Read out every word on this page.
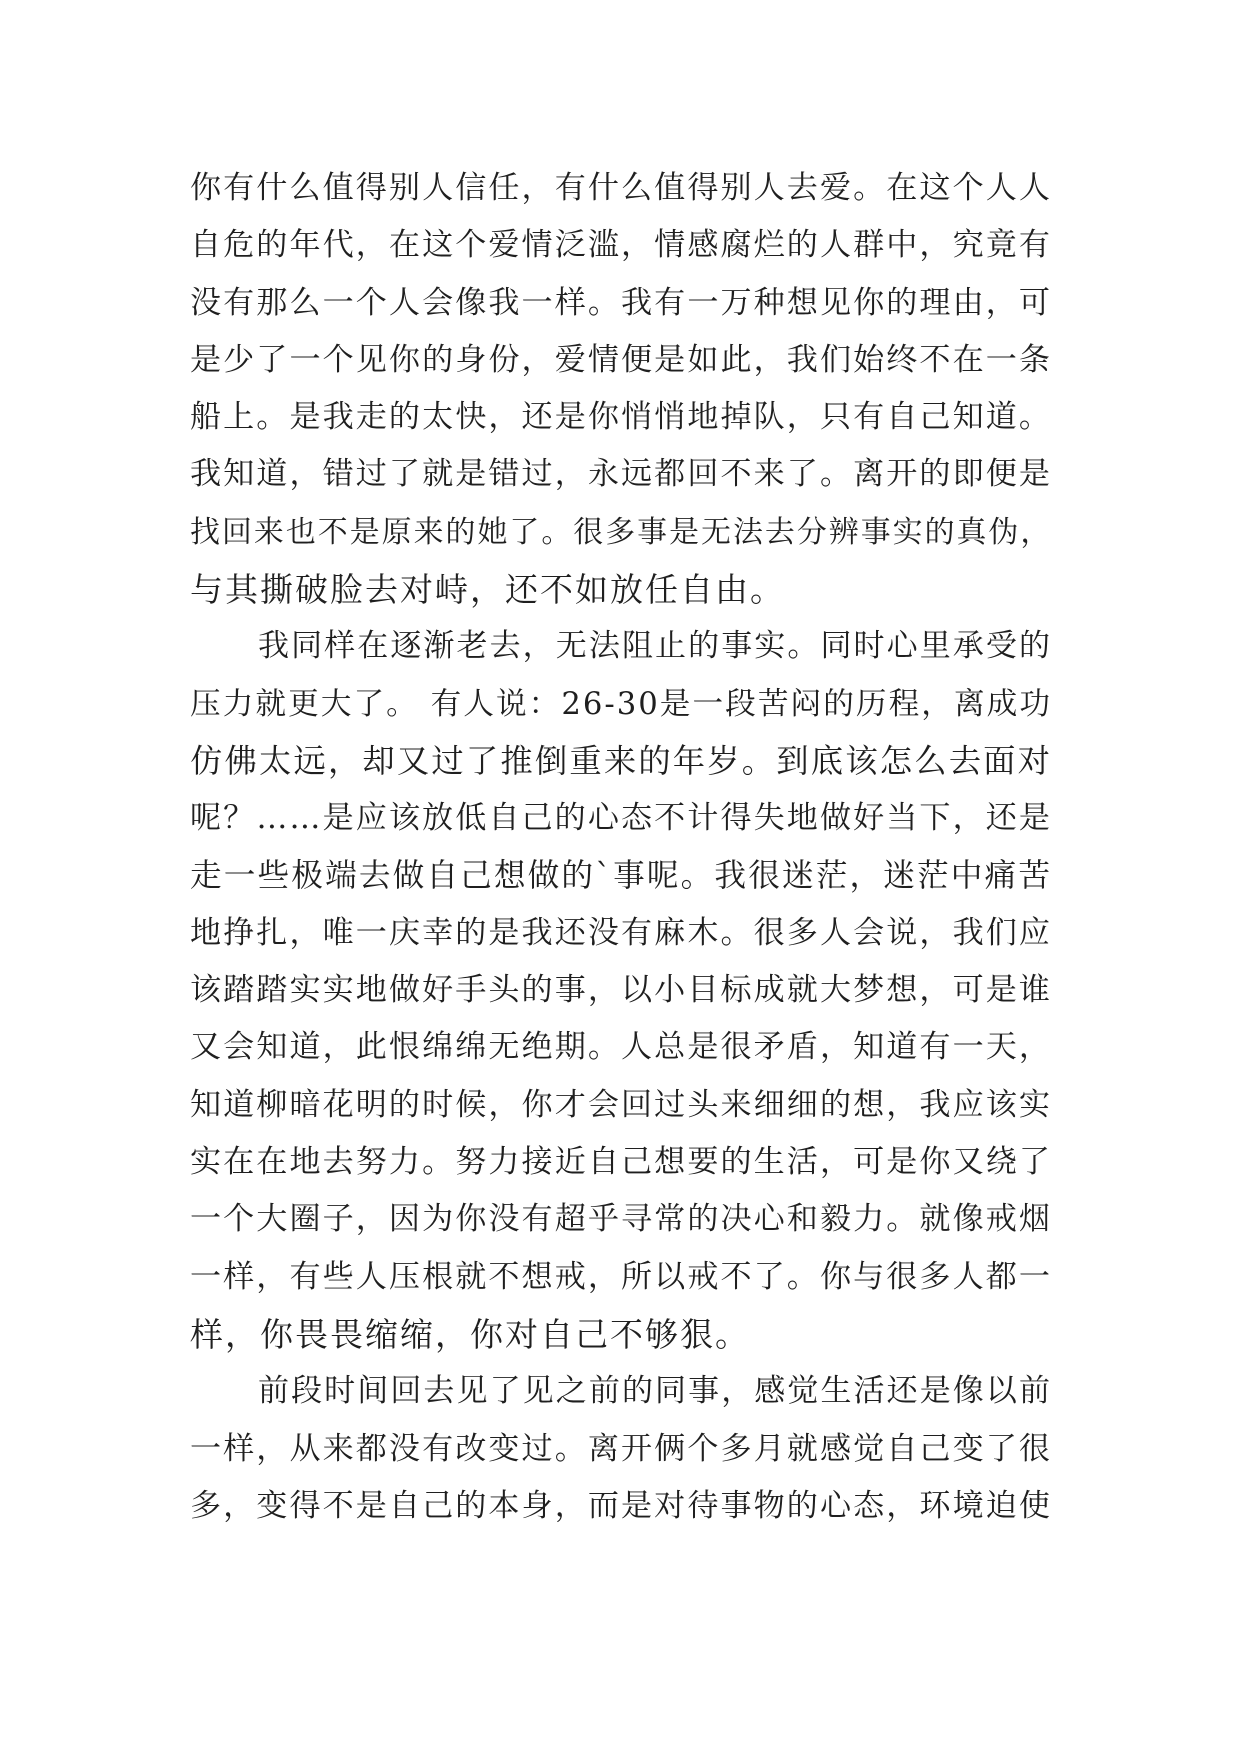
你有什么值得别人信任，有什么值得别人去爱。在这个人人
自危的年代，在这个爱情泛滥，情感腐烂的人群中，究竟有
没有那么一个人会像我一样。我有一万种想见你的理由，可
是少了一个见你的身份，爱情便是如此，我们始终不在一条
船上。是我走的太快，还是你悄悄地掉队，只有自己知道。
我知道，错过了就是错过，永远都回不来了。离开的即便是
找回来也不是原来的她了。很多事是无法去分辨事实的真伪，
与其撕破脸去对峙，还不如放任自由。
我同样在逐渐老去，无法阻止的事实。同时心里承受的
压力就更大了。 有人说：26-30是一段苦闷的历程，离成功
仿佛太远，却又过了推倒重来的年岁。到底该怎么去面对
呢？……是应该放低自己的心态不计得失地做好当下，还是
走一些极端去做自己想做的`事呢。我很迷茫，迷茫中痛苦
地挣扎，唯一庆幸的是我还没有麻木。很多人会说，我们应
该踏踏实实地做好手头的事，以小目标成就大梦想，可是谁
又会知道，此恨绵绵无绝期。人总是很矛盾，知道有一天，
知道柳暗花明的时候，你才会回过头来细细的想，我应该实
实在在地去努力。努力接近自己想要的生活，可是你又绕了
一个大圈子，因为你没有超乎寻常的决心和毅力。就像戒烟
一样，有些人压根就不想戒，所以戒不了。你与很多人都一
样，你畏畏缩缩，你对自己不够狠。
前段时间回去见了见之前的同事，感觉生活还是像以前
一样，从来都没有改变过。离开俩个多月就感觉自己变了很
多，变得不是自己的本身，而是对待事物的心态，环境迫使
